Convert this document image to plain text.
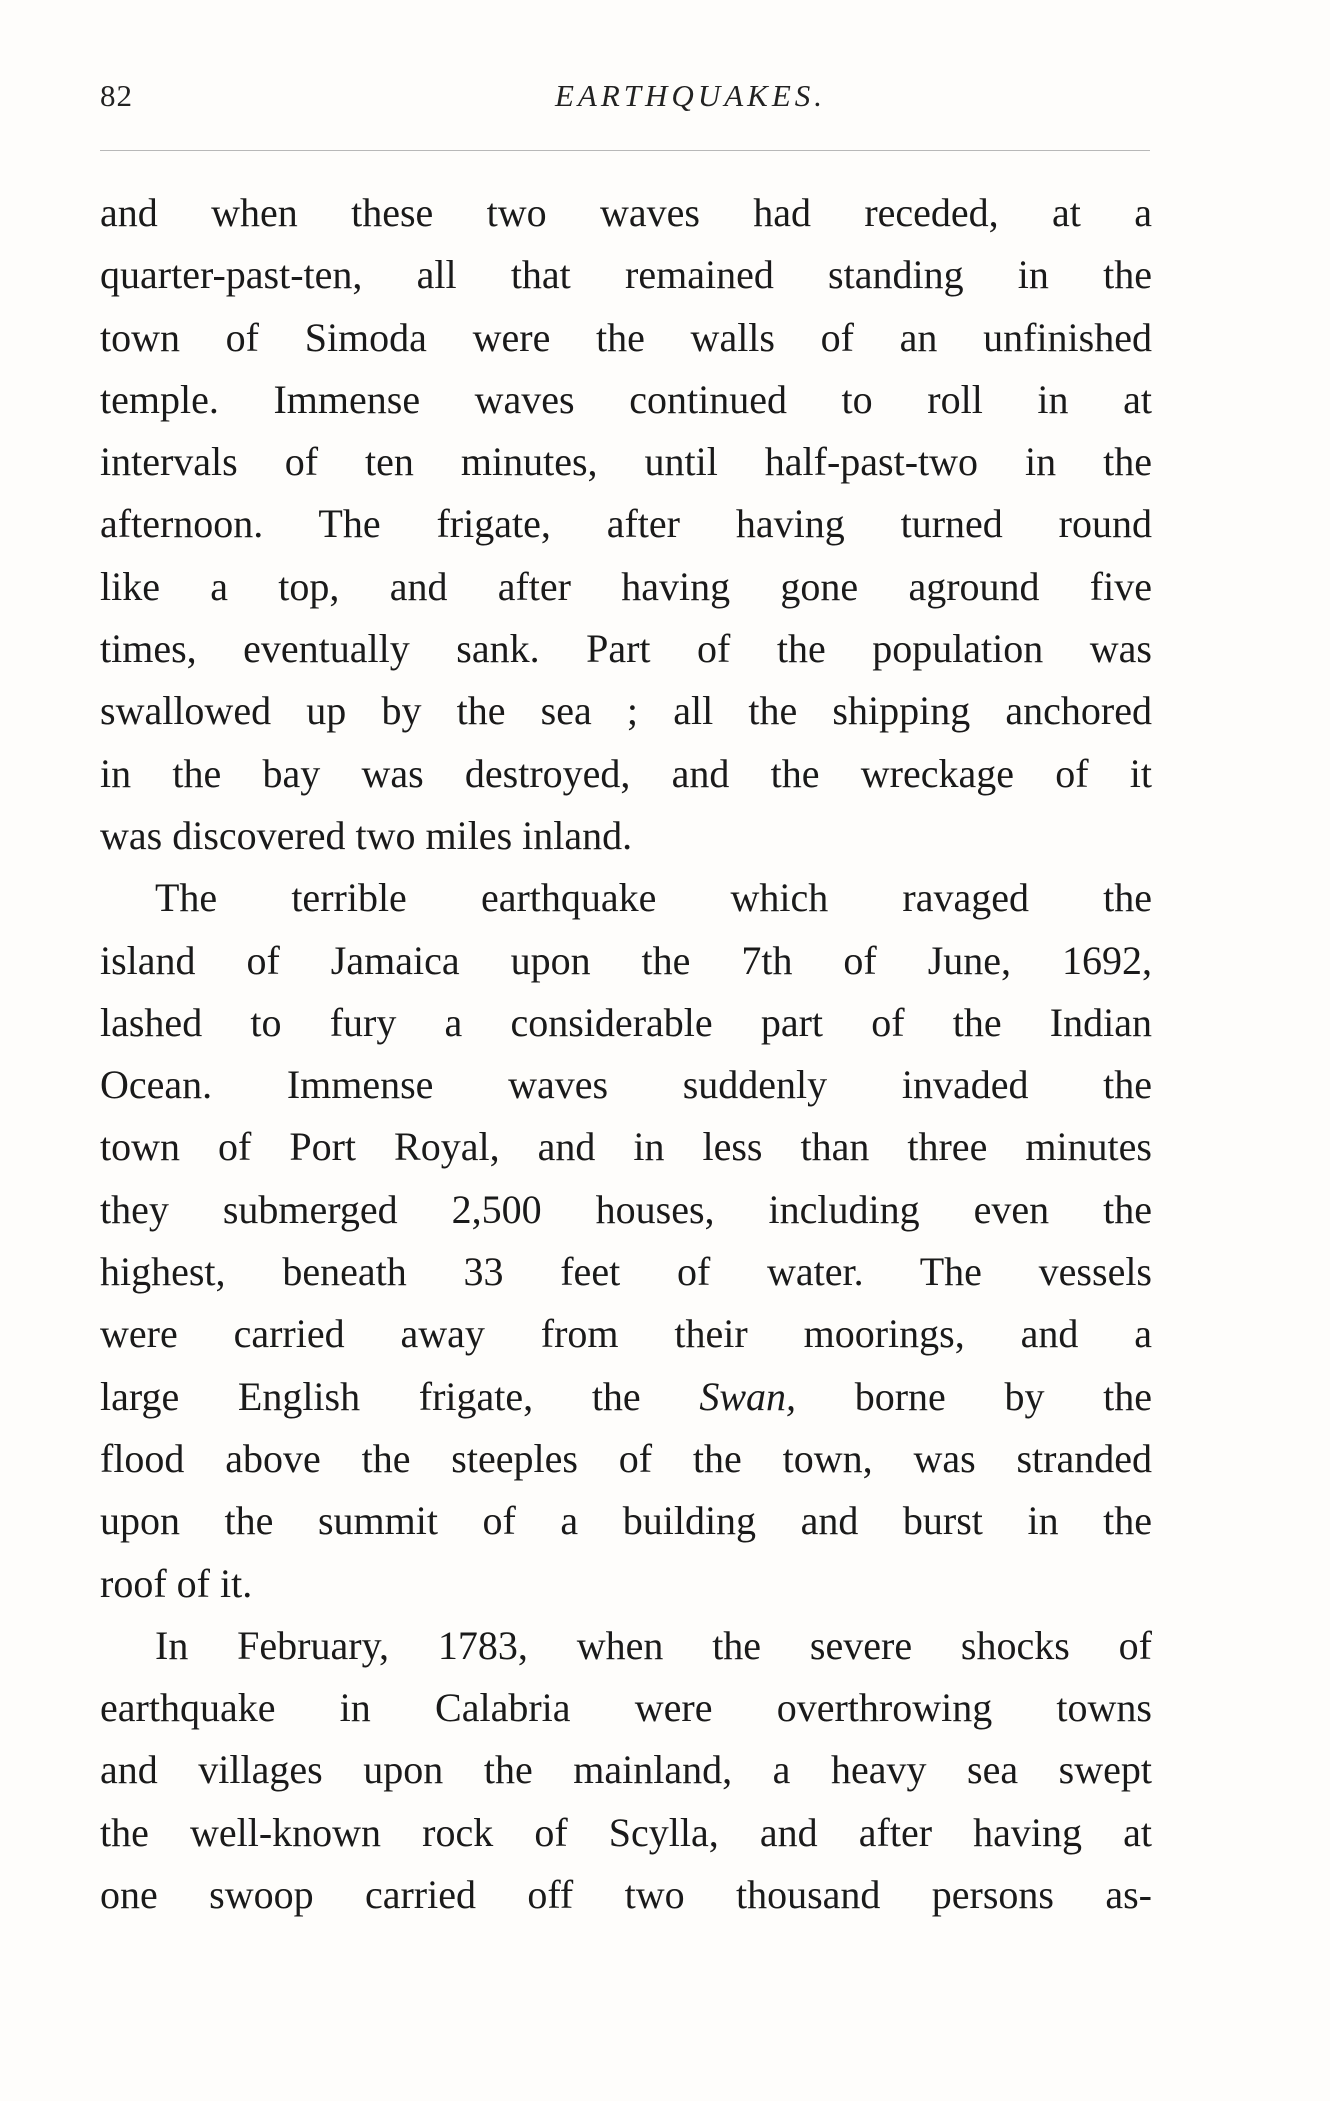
82	EARTHQUAKES.
and when these two waves had receded, at a
quarter-past-ten, all that remained standing in the
town of Simoda were the walls of an unfinished
temple. Immense waves continued to roll in at
intervals of ten minutes, until half-past-two in the
afternoon. The frigate, after having turned round
like a top, and after having gone aground five
times, eventually sank. Part of the population was
swallowed up by the sea ; all the shipping anchored
in the bay was destroyed, and the wreckage of it
was discovered two miles inland.
The terrible earthquake which ravaged the
island of Jamaica upon the 7th of June, 1692,
lashed to fury a considerable part of the Indian
Ocean. Immense waves suddenly invaded the
town of Port Royal, and in less than three minutes
they submerged 2,500 houses, including even the
highest, beneath 33 feet of water. The vessels
were carried away from their moorings, and a
large English frigate, the Swan, borne by the
flood above the steeples of the town, was stranded
upon the summit of a building and burst in the
roof of it.
In February, 1783, when the severe shocks of
earthquake in Calabria were overthrowing towns
and villages upon the mainland, a heavy sea swept
the well-known rock of Scylla, and after having at
one swoop carried off two thousand persons as-
